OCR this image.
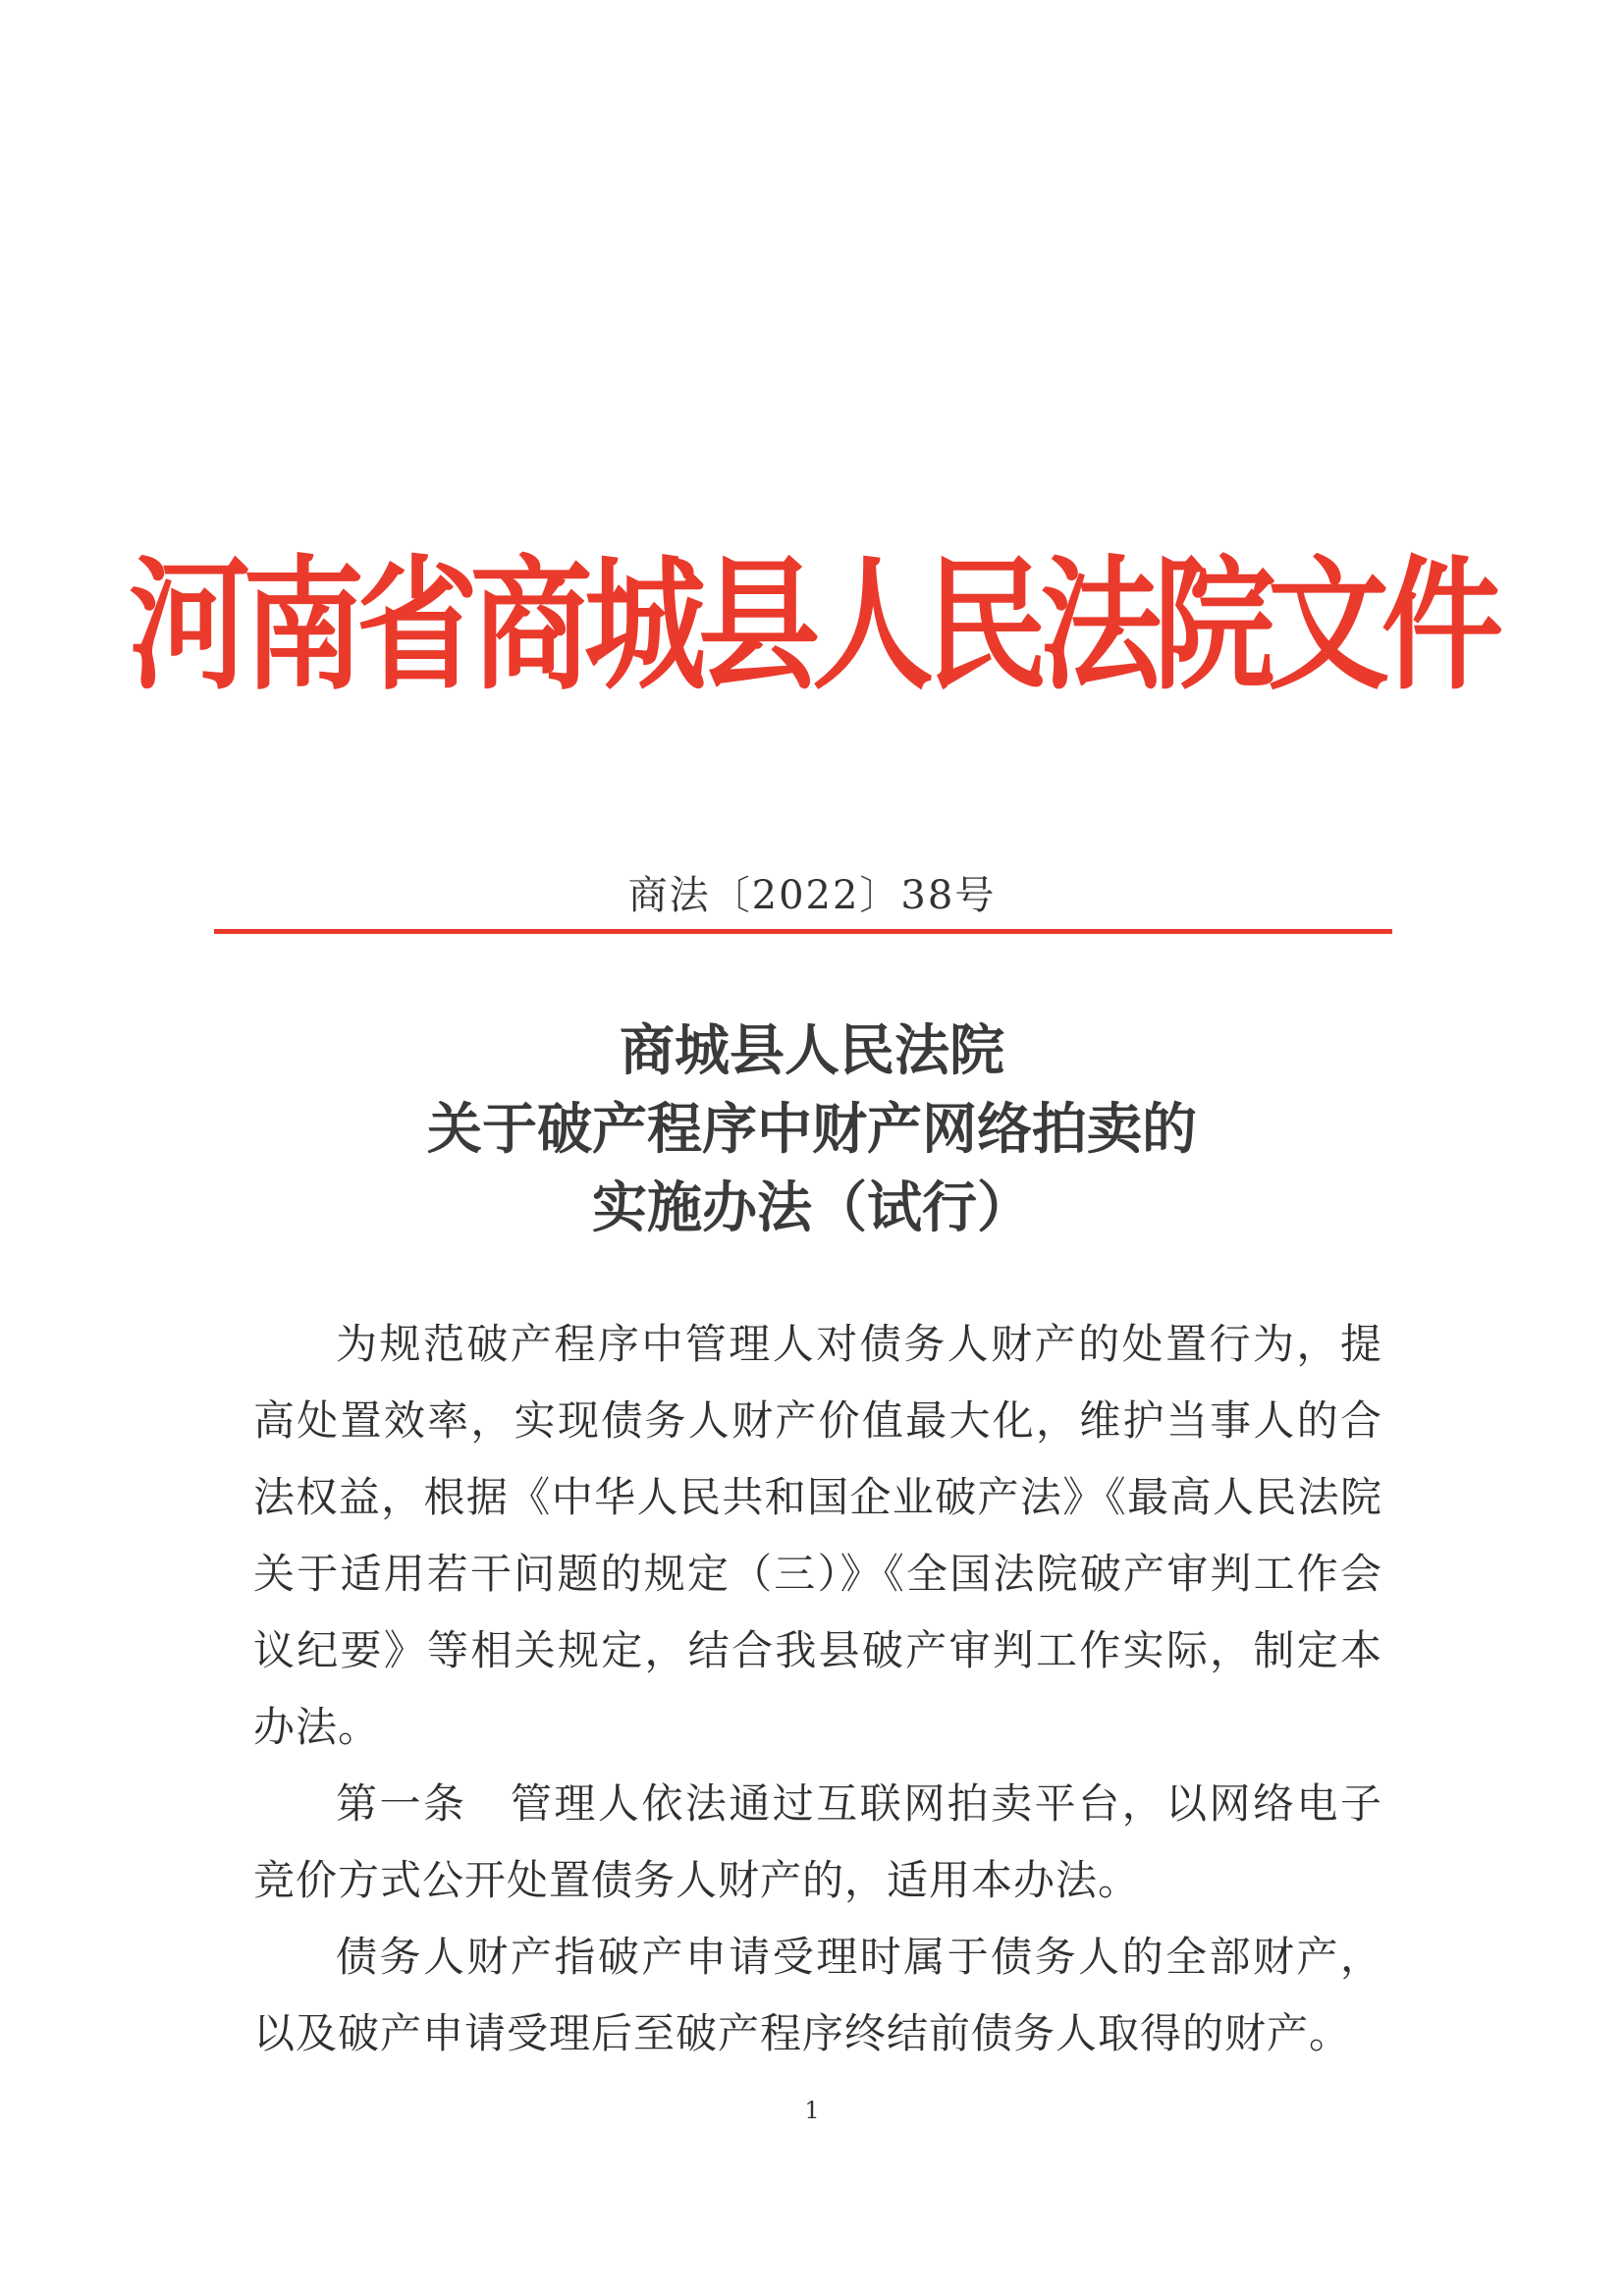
河南省商城县人民法院文件
商法〔2022〕38号
商城县人民法院
关于破产程序中财产网络拍卖的
实施办法（试行）

为规范破产程序中管理人对债务人财产的处置行为，提高处置效率，实现债务人财产价值最大化，维护当事人的合法权益，根据《中华人民共和国企业破产法》《最高人民法院关于适用若干问题的规定（三）》《全国法院破产审判工作会议纪要》等相关规定，结合我县破产审判工作实际，制定本办法。

第一条　管理人依法通过互联网拍卖平台，以网络电子竞价方式公开处置债务人财产的，适用本办法。

债务人财产指破产申请受理时属于债务人的全部财产，以及破产申请受理后至破产程序终结前债务人取得的财产。

1
